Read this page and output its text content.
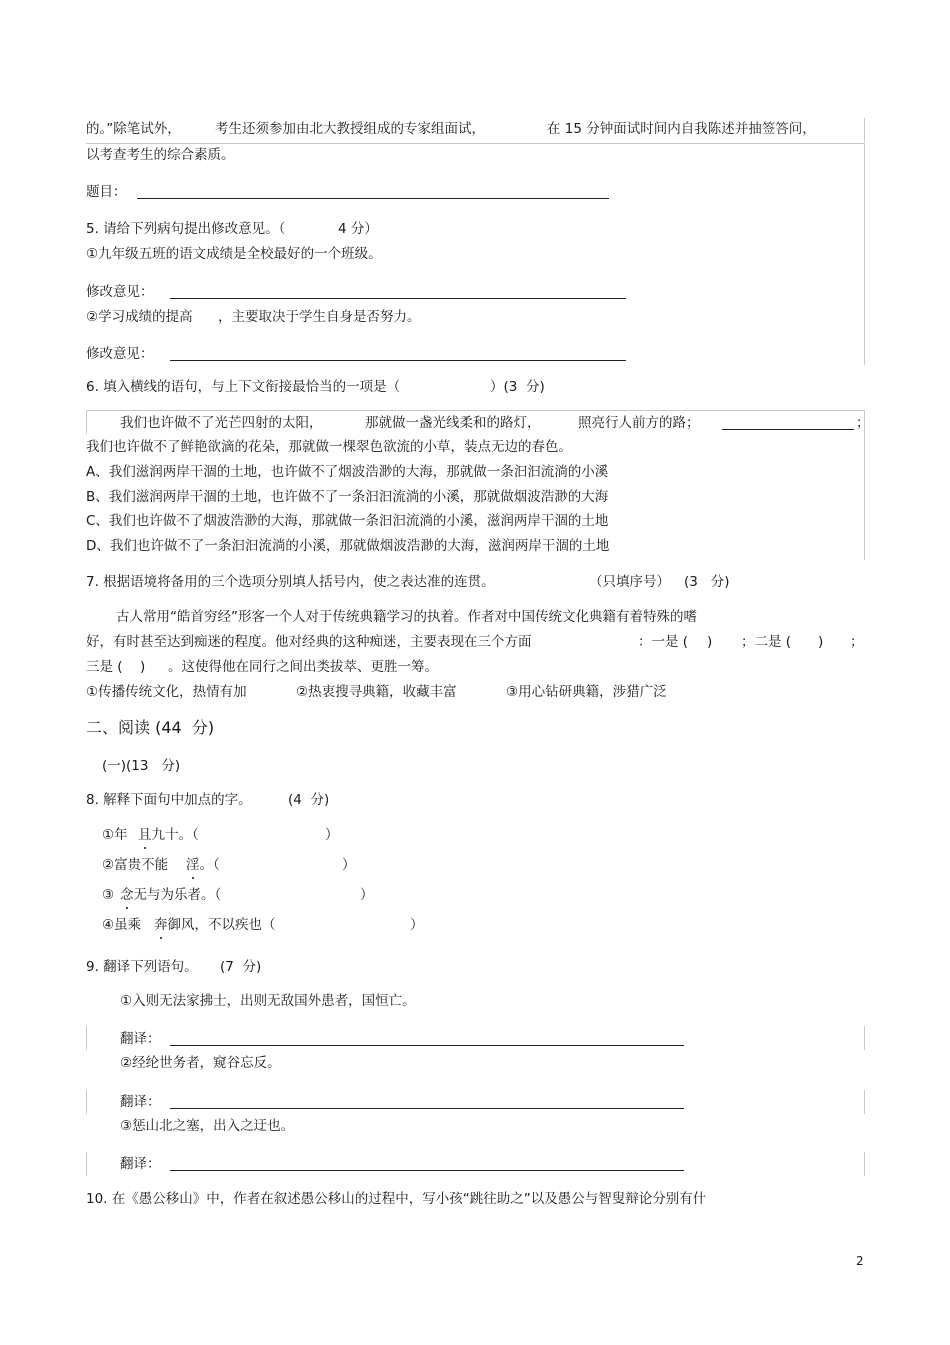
的。”除笔试外，	考生还须参加由北大教授组成的专家组面试，	在 15 分钟面试时间内自我陈述并抽签答问，
以考查考生的综合素质。
题目：
5. 请给下列病句提出修改意见。（	4 分）
①九年级五班的语文成绩是全校最好的一个班级。
修改意见：
②学习成绩的提高 ，主要取决于学生自身是否努力。
修改意见：
6. 填入横线的语句，与上下文衔接最恰当的一项是（	）(3  分)
我们也许做不了光芒四射的太阳，	那就做一盏光线柔和的路灯，	照亮行人前方的路；	；
我们也许做不了鲜艳欲滴的花朵，那就做一棵翠色欲流的小草，装点无边的春色。
A、我们滋润两岸干涸的土地，也许做不了烟波浩渺的大海，那就做一条汩汩流淌的小溪
B、我们滋润两岸干涸的土地，也许做不了一条汩汩流淌的小溪，那就做烟波浩渺的大海
C、我们也许做不了烟波浩渺的大海，那就做一条汩汩流淌的小溪，滋润两岸干涸的土地
D、我们也许做不了一条汩汩流淌的小溪，那就做烟波浩渺的大海，滋润两岸干涸的土地
7. 根据语境将备用的三个选项分别填人括号内，使之表达准的连贯。	（只填序号） (3   分)
古人常用“皓首穷经”形客一个人对于传统典籍学习的执着。作者对中国传统文化典籍有着特殊的嗜
好，有时甚至达到痴迷的程度。他对经典的这种痴迷，主要表现在三个方面	：一是 ( ) ；二是 ( ) ；
三是 ( ) 。这使得他在同行之间出类拔萃、更胜一筹。
①传播传统文化，热情有加	②热衷搜寻典籍，收藏丰富	③用心钻研典籍，涉猎广泛
二、阅读 (44  分)
(一)(13   分)
8. 解释下面句中加点的字。	(4  分)
①年 且九十。（	）
②富贵不能 淫。（	）
③ 念无与为乐者。（	）
④虽乘 奔御风，不以疾也（	）
9. 翻译下列语句。 (7  分)
①入则无法家拂士，出则无敌国外患者，国恒亡。
翻译：
②经纶世务者，窥谷忘反。
翻译：
③惩山北之塞，出入之迂也。
翻译：
10. 在《愚公移山》中，作者在叙述愚公移山的过程中，写小孩“跳往助之”以及愚公与智叟辩论分别有什
2
